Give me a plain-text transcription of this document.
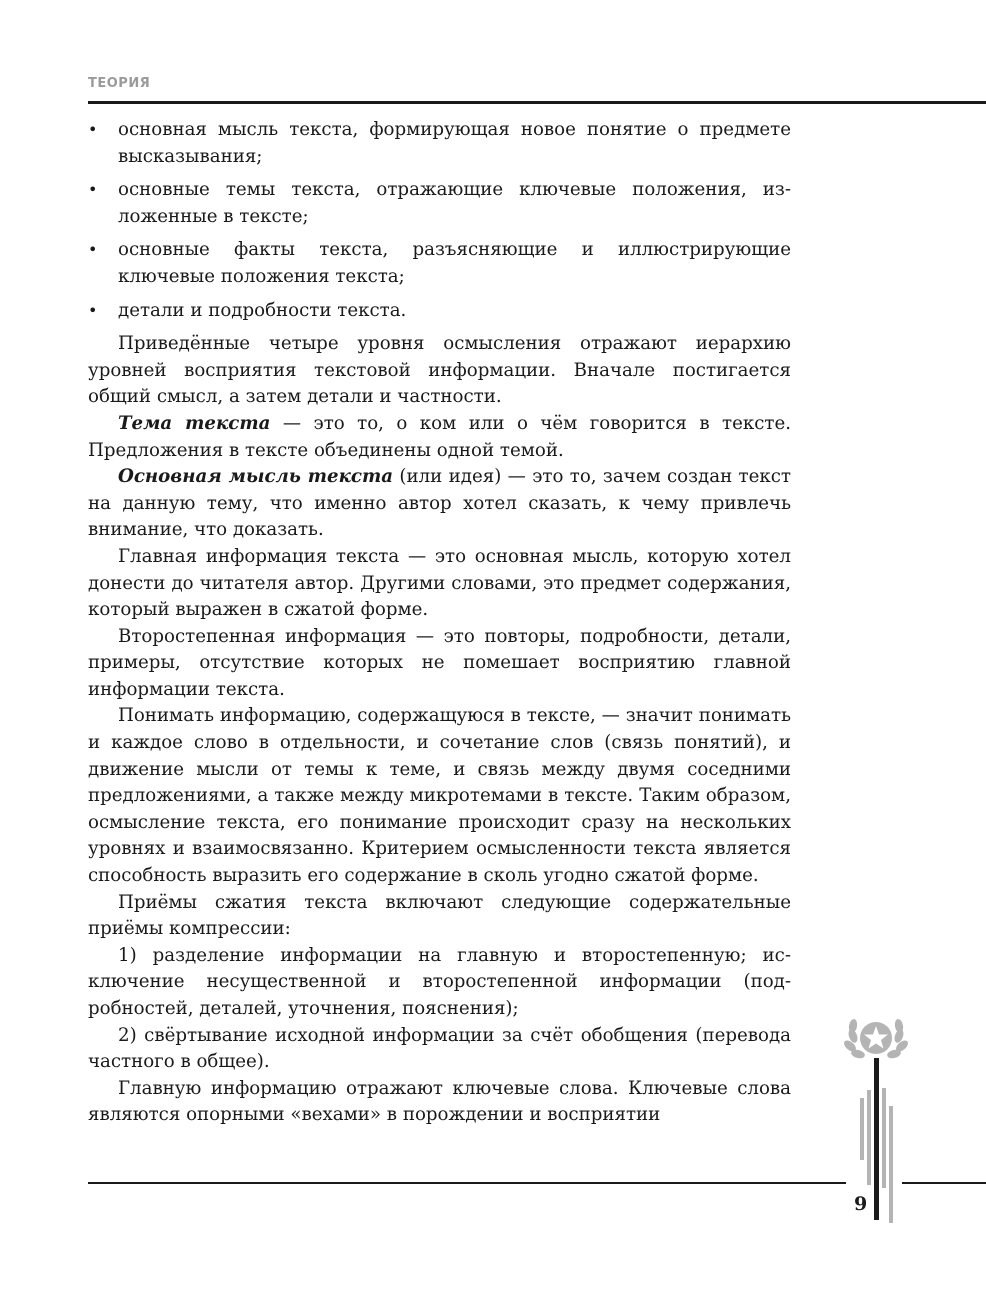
ТЕОРИЯ
• основная мысль текста, формирующая новое понятие о предмете высказывания;
• основные темы текста, отражающие ключевые положения, изложенные в тексте;
• основные факты текста, разъясняющие и иллюстрирующие ключевые положения текста;
• детали и подробности текста.

Приведённые четыре уровня осмысления отражают иерархию уровней восприятия текстовой информации. Вначале постигается общий смысл, а затем детали и частности.

Тема текста — это то, о ком или о чём говорится в тексте. Предложения в тексте объединены одной темой.

Основная мысль текста (или идея) — это то, зачем создан текст на данную тему, что именно автор хотел сказать, к чему привлечь внимание, что доказать.

Главная информация текста — это основная мысль, которую хотел донести до читателя автор. Другими словами, это предмет содержания, который выражен в сжатой форме.

Второстепенная информация — это повторы, подробности, детали, примеры, отсутствие которых не помешает восприятию главной информации текста.

Понимать информацию, содержащуюся в тексте, — значит понимать и каждое слово в отдельности, и сочетание слов (связь понятий), и движение мысли от темы к теме, и связь между двумя соседними предложениями, а также между микротемами в тексте. Таким образом, осмысление текста, его понимание происходит сразу на нескольких уровнях и взаимосвязанно. Критерием осмысленности текста является способность выразить его содержание в сколь угодно сжатой форме.

Приёмы сжатия текста включают следующие содержательные приёмы компрессии:

1) разделение информации на главную и второстепенную; исключение несущественной и второстепенной информации (подробностей, деталей, уточнения, пояснения);

2) свёртывание исходной информации за счёт обобщения (перевода частного в общее).

Главную информацию отражают ключевые слова. Ключевые слова являются опорными «вехами» в порождении и восприятии

9
